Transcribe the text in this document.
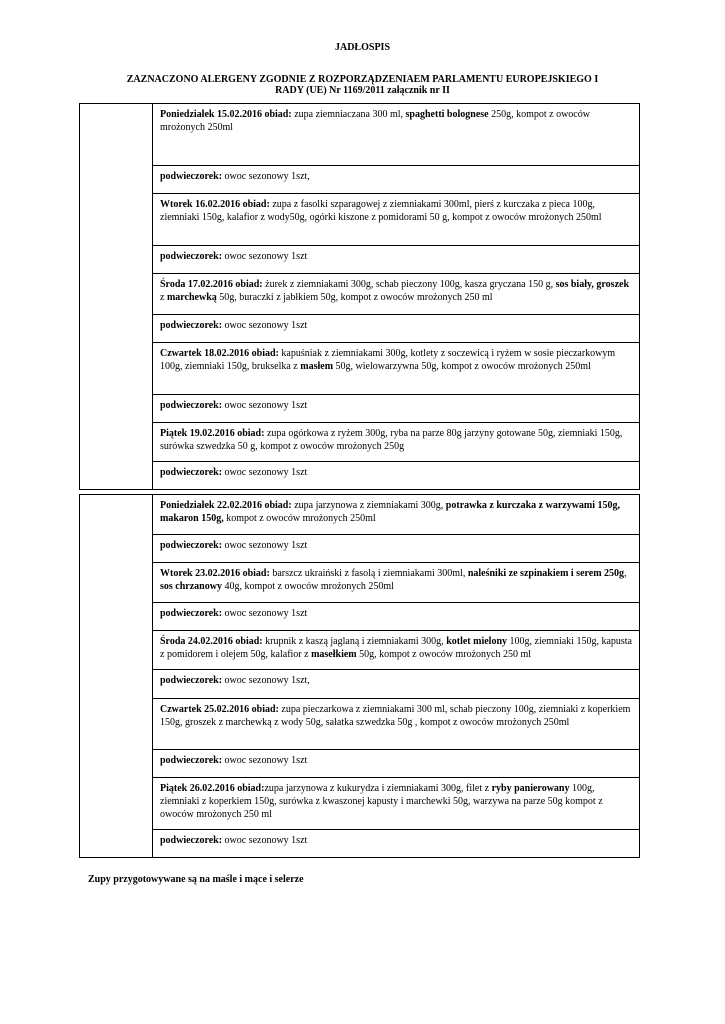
JADŁOSPIS
ZAZNACZONO ALERGENY ZGODNIE Z ROZPORZĄDZENIAEM PARLAMENTU EUROPEJSKIEGO I
RADY (UE) Nr 1169/2011 załącznik nr II

Poniedziałek 15.02.2016 obiad: zupa ziemniaczana 300 ml, spaghetti bolognese 250g, kompot z owoców mrożonych 250ml

podwieczorek: owoc sezonowy 1szt,

Wtorek 16.02.2016 obiad: zupa z fasolki szparagowej z ziemniakami 300ml, pierś z kurczaka z pieca 100g, ziemniaki 150g, kalafior z wody50g, ogórki kiszone z pomidorami 50 g, kompot z owoców mrożonych 250ml

podwieczorek: owoc sezonowy 1szt

Środa 17.02.2016 obiad: żurek z ziemniakami 300g, schab pieczony 100g, kasza gryczana 150 g, sos biały, groszek z marchewką 50g, buraczki z jabłkiem 50g, kompot z owoców mrożonych 250 ml

podwieczorek: owoc sezonowy 1szt

Czwartek 18.02.2016 obiad: kapuśniak z ziemniakami 300g, kotlety z soczewicą i ryżem w sosie pieczarkowym 100g, ziemniaki 150g, brukselka z masłem 50g, wielowarzywna 50g, kompot z owoców mrożonych 250ml

podwieczorek: owoc sezonowy 1szt

Piątek 19.02.2016 obiad: zupa ogórkowa z ryżem 300g, ryba na parze 80g jarzyny gotowane 50g, ziemniaki 150g, surówka szwedzka 50 g, kompot z owoców mrożonych 250g

podwieczorek: owoc sezonowy 1szt

Poniedziałek 22.02.2016 obiad: zupa jarzynowa z ziemniakami 300g, potrawka z kurczaka z warzywami 150g, makaron 150g, kompot z owoców mrożonych 250ml

podwieczorek: owoc sezonowy 1szt

Wtorek 23.02.2016 obiad: barszcz ukraiński z fasolą i ziemniakami 300ml, naleśniki ze szpinakiem i serem 250g, sos chrzanowy 40g, kompot z owoców mrożonych 250ml

podwieczorek: owoc sezonowy 1szt

Środa 24.02.2016 obiad: krupnik z kaszą jaglaną i ziemniakami 300g, kotlet mielony 100g, ziemniaki 150g, kapusta z pomidorem i olejem 50g, kalafior z masełkiem 50g, kompot z owoców mrożonych 250 ml

podwieczorek: owoc sezonowy 1szt,

Czwartek 25.02.2016 obiad: zupa pieczarkowa z ziemniakami 300 ml, schab pieczony 100g, ziemniaki z koperkiem 150g, groszek z marchewką z wody 50g, sałatka szwedzka 50g , kompot z owoców mrożonych 250ml

podwieczorek: owoc sezonowy 1szt

Piątek 26.02.2016 obiad:zupa jarzynowa z kukurydza i ziemniakami 300g, filet z ryby panierowany 100g, ziemniaki z koperkiem 150g, surówka z kwaszonej kapusty i marchewki 50g, warzywa na parze 50g kompot z owoców mrożonych 250 ml

podwieczorek: owoc sezonowy 1szt
Zupy przygotowywane są na maśle i mące i selerze
